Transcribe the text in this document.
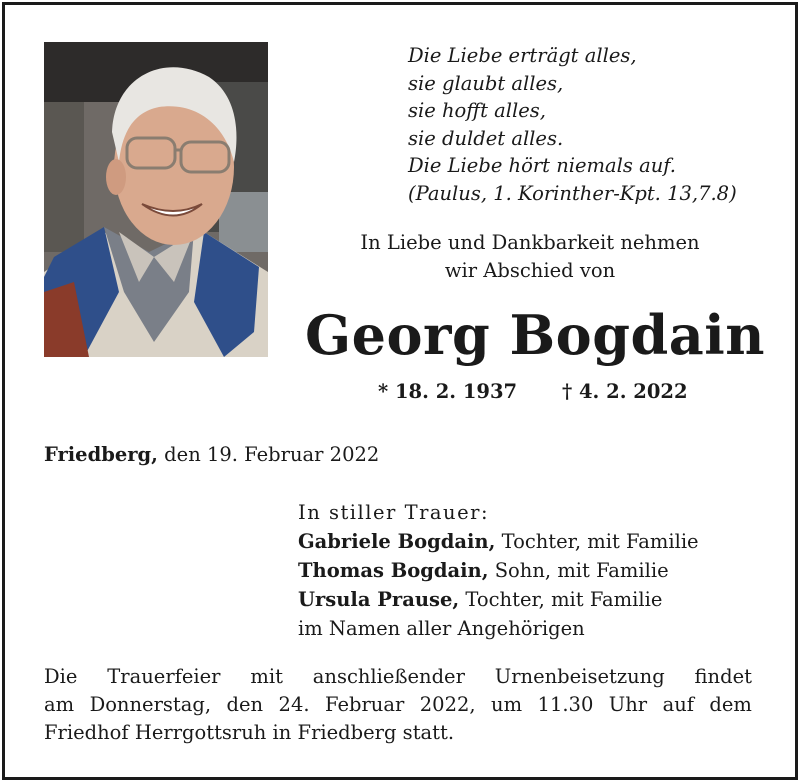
Die Liebe erträgt alles,
sie glaubt alles,
sie hofft alles,
sie duldet alles.
Die Liebe hört niemals auf.
(Paulus, 1. Korinther-Kpt. 13,7.8)
In Liebe und Dankbarkeit nehmen
wir Abschied von
Georg Bogdain
* 18. 2. 1937 † 4. 2. 2022
Friedberg, den 19. Februar 2022
In stiller Trauer:
Gabriele Bogdain, Tochter, mit Familie
Thomas Bogdain, Sohn, mit Familie
Ursula Prause, Tochter, mit Familie
im Namen aller Angehörigen
Die Trauerfeier mit anschließender Urnenbeisetzung findet
am Donnerstag, den 24. Februar 2022, um 11.30 Uhr auf dem
Friedhof Herrgottsruh in Friedberg statt.
